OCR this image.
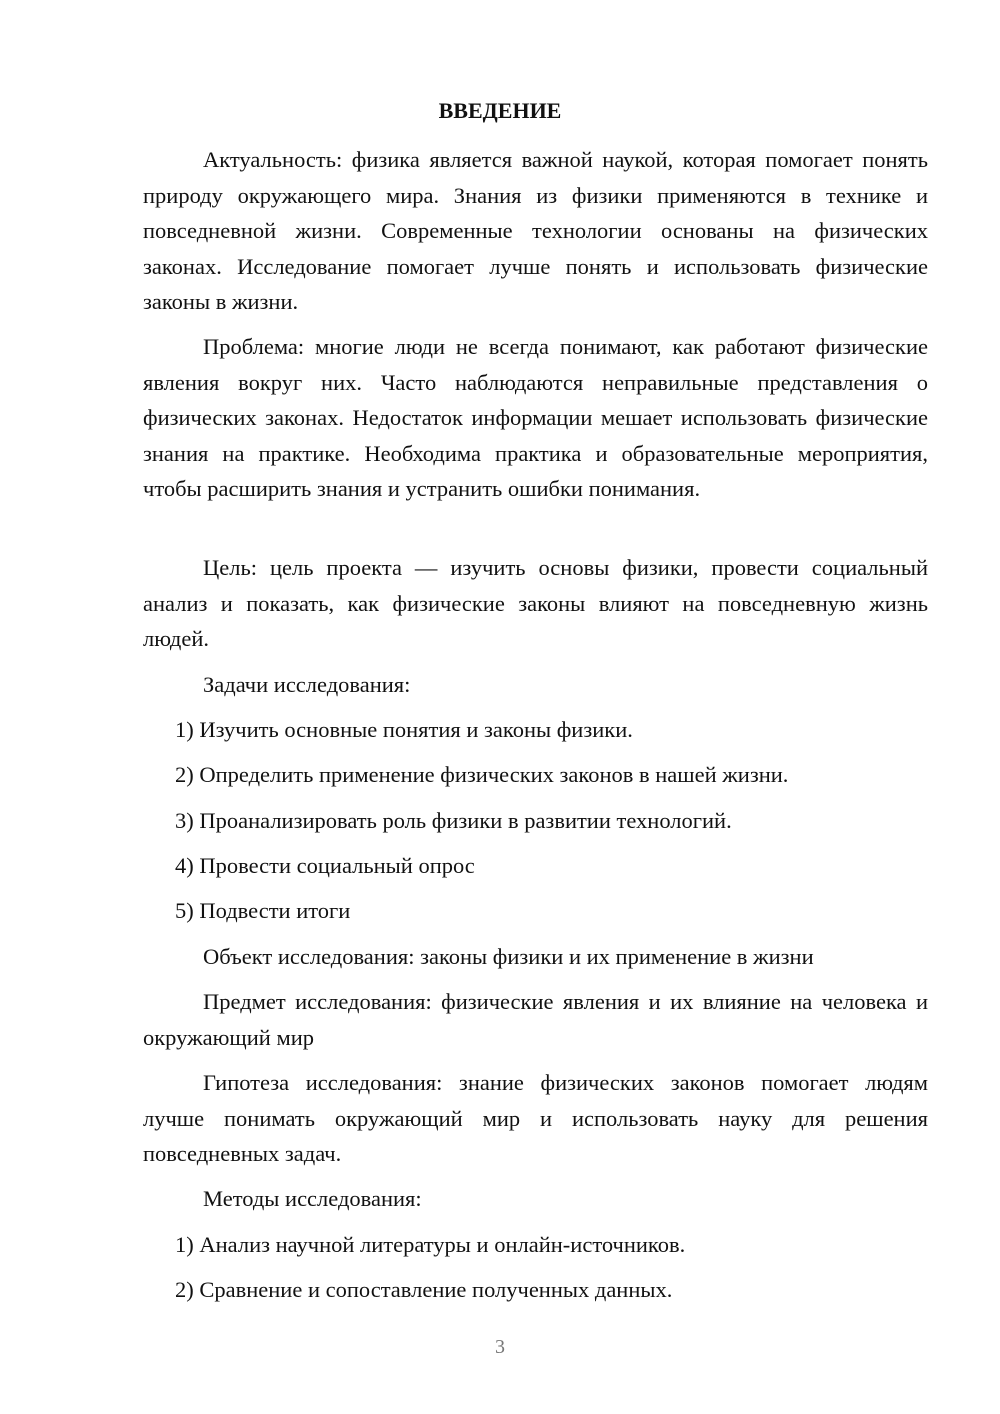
ВВЕДЕНИЕ

Актуальность: физика является важной наукой, которая помогает понять природу окружающего мира. Знания из физики применяются в технике и повседневной жизни. Современные технологии основаны на физических законах. Исследование помогает лучше понять и использовать физические законы в жизни.

Проблема: многие люди не всегда понимают, как работают физические явления вокруг них. Часто наблюдаются неправильные представления о физических законах. Недостаток информации мешает использовать физические знания на практике. Необходима практика и образовательные мероприятия, чтобы расширить знания и устранить ошибки понимания.

Цель: цель проекта — изучить основы физики, провести социальный анализ и показать, как физические законы влияют на повседневную жизнь людей.

Задачи исследования:

1) Изучить основные понятия и законы физики.

2) Определить применение физических законов в нашей жизни.

3) Проанализировать роль физики в развитии технологий.

4) Провести социальный опрос

5) Подвести итоги

Объект исследования: законы физики и их применение в жизни

Предмет исследования: физические явления и их влияние на человека и окружающий мир

Гипотеза исследования: знание физических законов помогает людям лучше понимать окружающий мир и использовать науку для решения повседневных задач.

Методы исследования:

1) Анализ научной литературы и онлайн-источников.

2) Сравнение и сопоставление полученных данных.

3
